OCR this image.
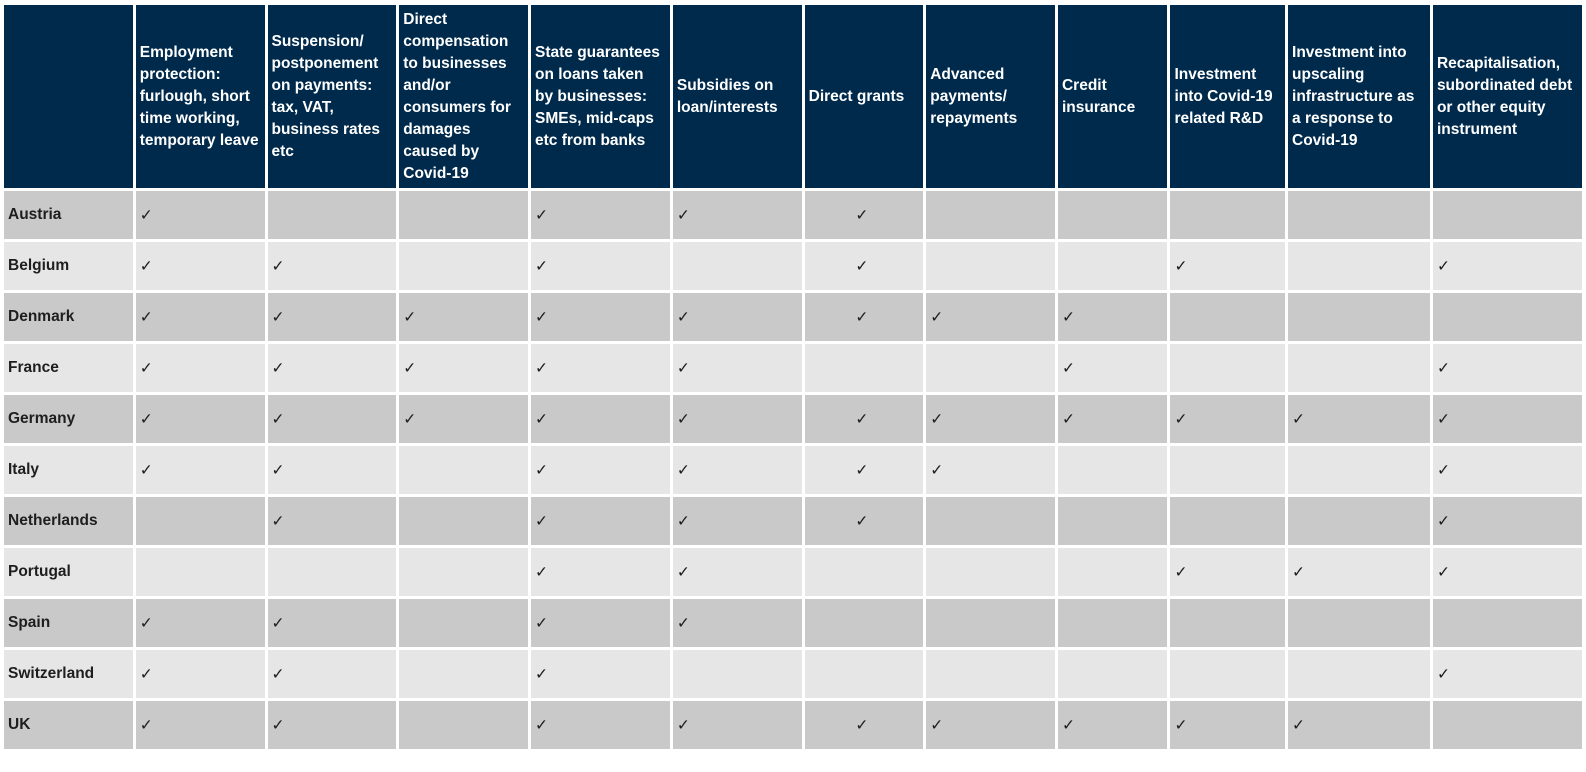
	Employment protection: furlough, short time working, temporary leave	Suspension/ postponement on payments: tax, VAT, business rates etc	Direct compensation to businesses and/or consumers for damages caused by Covid-19	State guarantees on loans taken by businesses: SMEs, mid-caps etc from banks	Subsidies on loan/interests	Direct grants	Advanced payments/ repayments	Credit insurance	Investment into Covid-19 related R&D	Investment into upscaling infrastructure as a response to Covid-19	Recapitalisation, subordinated debt or other equity instrument
Austria	✓			✓	✓	✓					
Belgium	✓	✓		✓		✓			✓		✓
Denmark	✓	✓	✓	✓	✓	✓	✓	✓			
France	✓	✓	✓	✓	✓			✓			✓
Germany	✓	✓	✓	✓	✓	✓	✓	✓	✓	✓	✓
Italy	✓	✓		✓	✓	✓	✓				✓
Netherlands		✓		✓	✓	✓					✓
Portugal				✓	✓				✓	✓	✓
Spain	✓	✓		✓	✓						
Switzerland	✓	✓		✓							✓
UK	✓	✓		✓	✓	✓	✓	✓	✓	✓	
